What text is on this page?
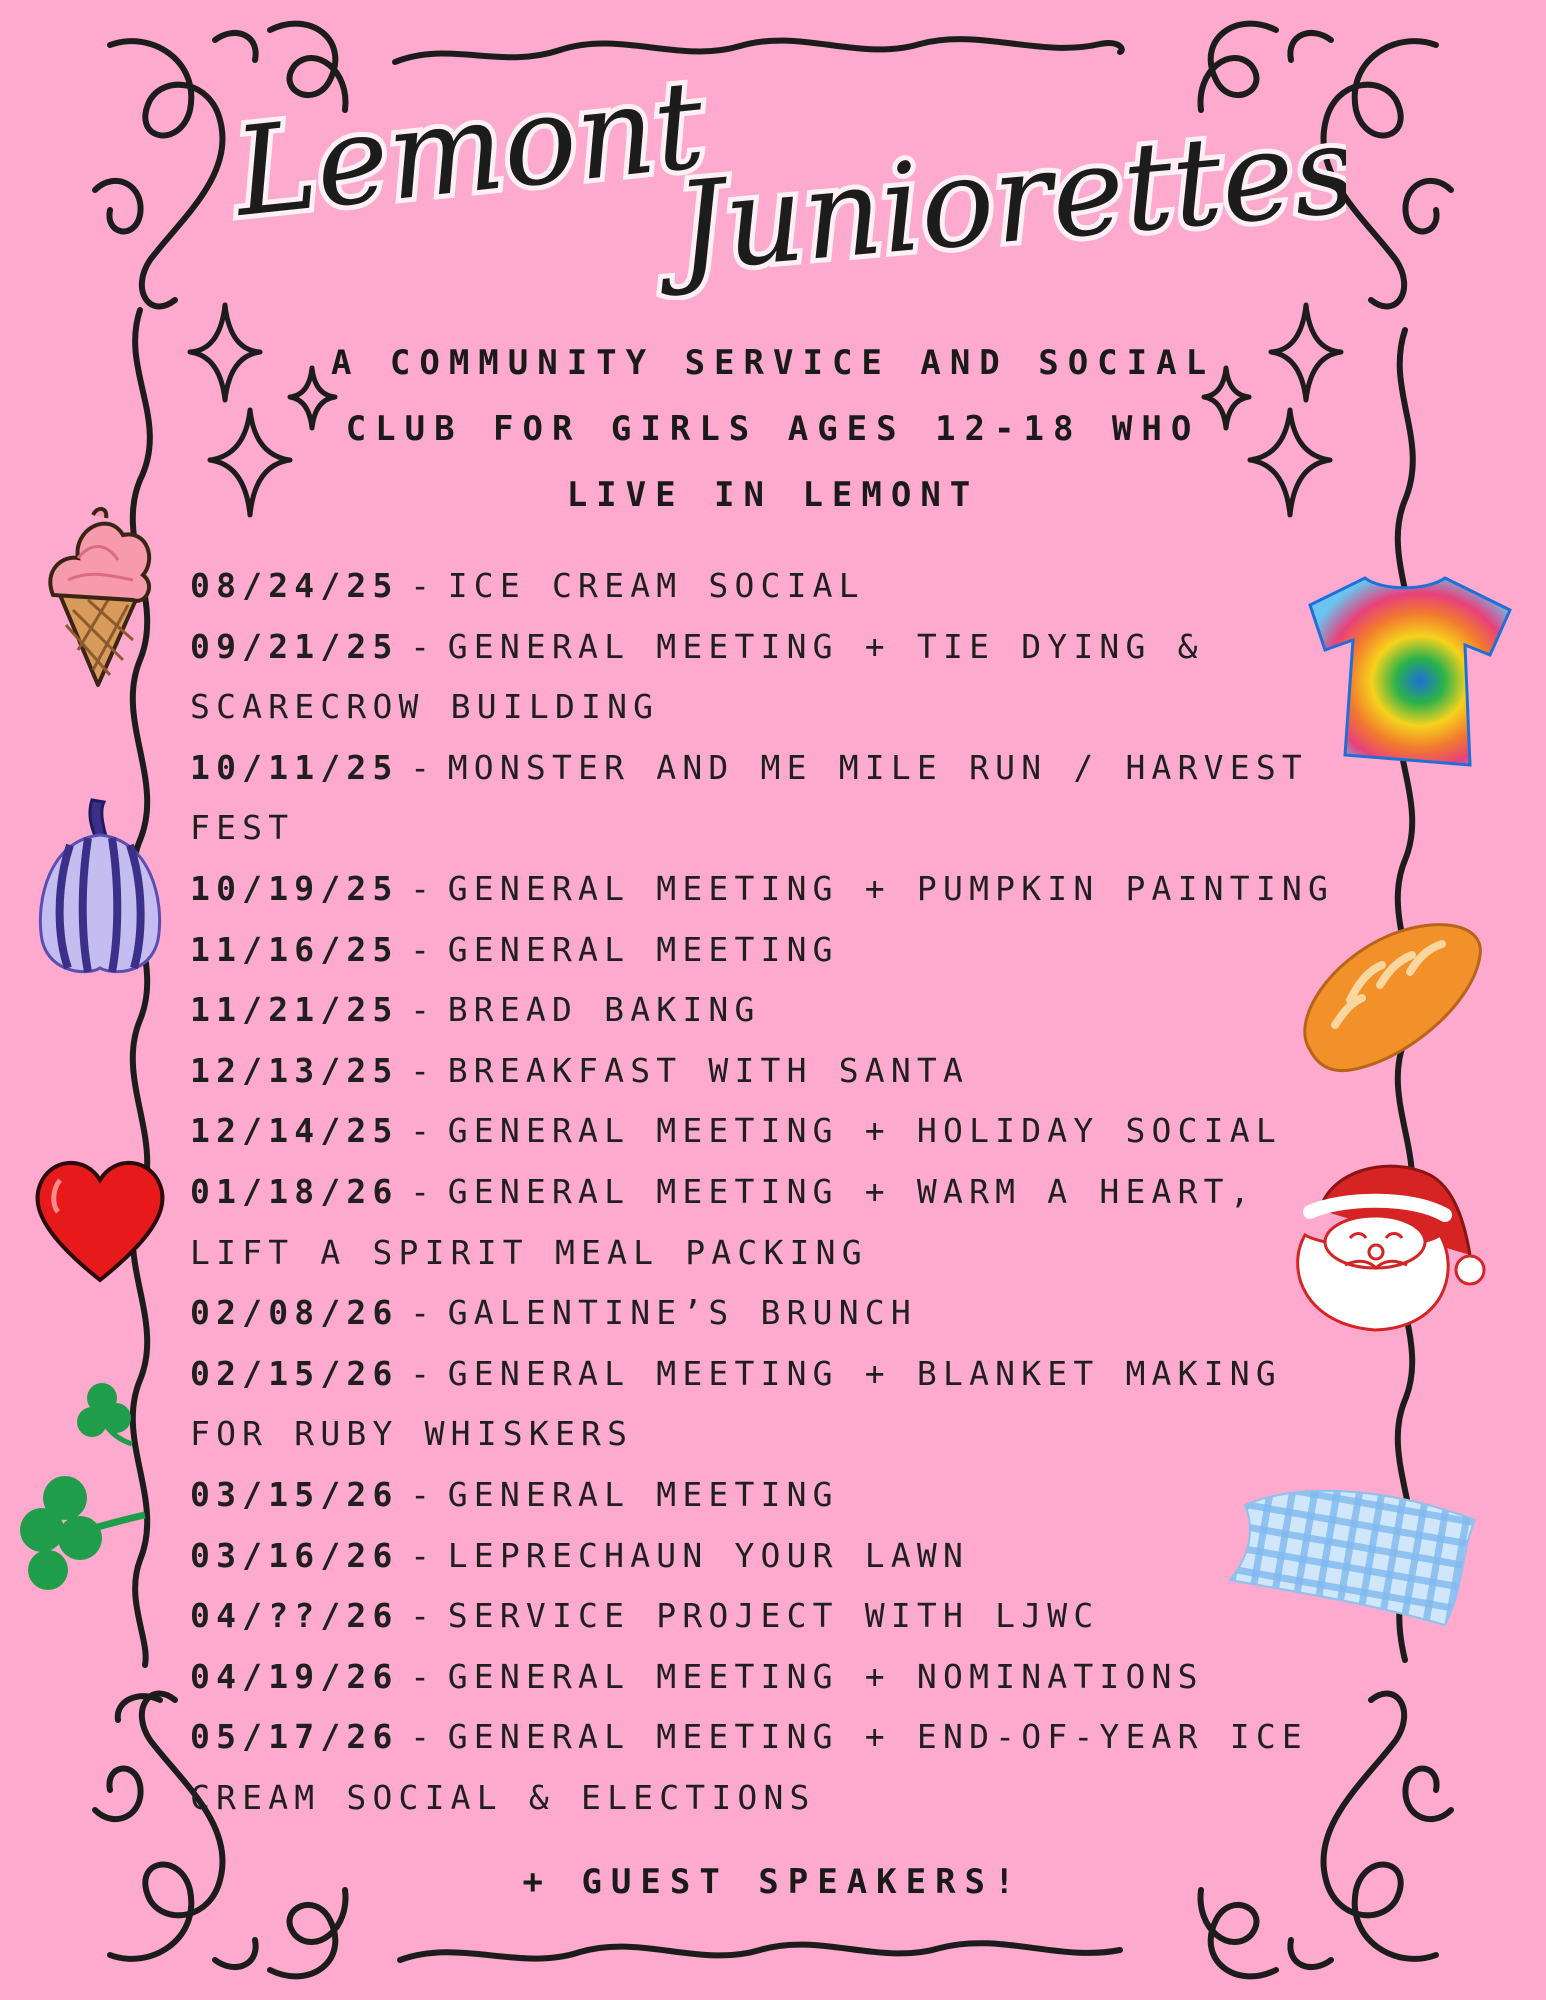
Lemont
Juniorettes
A COMMUNITY SERVICE AND SOCIAL
CLUB FOR GIRLS AGES 12-18 WHO
LIVE IN LEMONT
08/24/25 - ICE CREAM SOCIAL
09/21/25 - GENERAL MEETING + TIE DYING & SCARECROW BUILDING
10/11/25 - MONSTER AND ME MILE RUN / HARVEST FEST
10/19/25 - GENERAL MEETING + PUMPKIN PAINTING
11/16/25 - GENERAL MEETING
11/21/25 - BREAD BAKING
12/13/25 - BREAKFAST WITH SANTA
12/14/25 - GENERAL MEETING + HOLIDAY SOCIAL
01/18/26 - GENERAL MEETING + WARM A HEART, LIFT A SPIRIT MEAL PACKING
02/08/26 - GALENTINE’S BRUNCH
02/15/26 - GENERAL MEETING + BLANKET MAKING FOR RUBY WHISKERS
03/15/26 - GENERAL MEETING
03/16/26 - LEPRECHAUN YOUR LAWN
04/??/26 - SERVICE PROJECT WITH LJWC
04/19/26 - GENERAL MEETING + NOMINATIONS
05/17/26 - GENERAL MEETING + END-OF-YEAR ICE CREAM SOCIAL & ELECTIONS
+ GUEST SPEAKERS!
